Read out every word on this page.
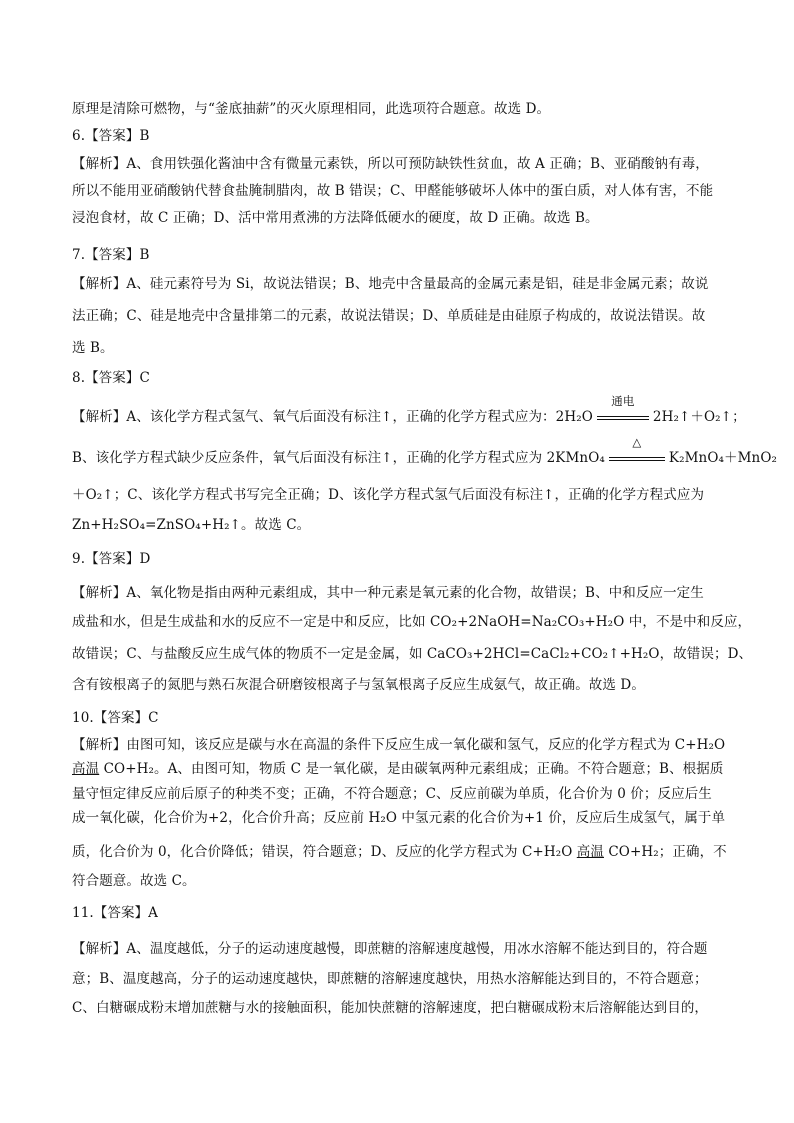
原理是清除可燃物，与“釜底抽薪”的灭火原理相同，此选项符合题意。故选 D。
6.【答案】B
【解析】A、食用铁强化酱油中含有微量元素铁，所以可预防缺铁性贫血，故 A 正确；B、亚硝酸钠有毒，
所以不能用亚硝酸钠代替食盐腌制腊肉，故 B 错误；C、甲醛能够破坏人体中的蛋白质，对人体有害，不能
浸泡食材，故 C 正确；D、活中常用煮沸的方法降低硬水的硬度，故 D 正确。故选 B。
7.【答案】B
【解析】A、硅元素符号为 Si，故说法错误；B、地壳中含量最高的金属元素是铝，硅是非金属元素；故说
法正确；C、硅是地壳中含量排第二的元素，故说法错误；D、单质硅是由硅原子构成的，故说法错误。故
选 B。
8.【答案】C
【解析】A、该化学方程式氢气、氧气后面没有标注↑，正确的化学方程式应为：2H₂O
通电
2H₂↑＋O₂↑；
B、该化学方程式缺少反应条件，氧气后面没有标注↑，正确的化学方程式应为 2KMnO₄
△
K₂MnO₄＋MnO₂
＋O₂↑；C、该化学方程式书写完全正确；D、该化学方程式氢气后面没有标注↑，正确的化学方程式应为
Zn+H₂SO₄=ZnSO₄+H₂↑。故选 C。
9.【答案】D
【解析】A、氧化物是指由两种元素组成，其中一种元素是氧元素的化合物，故错误；B、中和反应一定生
成盐和水，但是生成盐和水的反应不一定是中和反应，比如 CO₂+2NaOH=Na₂CO₃+H₂O 中，不是中和反应，
故错误；C、与盐酸反应生成气体的物质不一定是金属，如 CaCO₃+2HCl=CaCl₂+CO₂↑+H₂O，故错误；D、
含有铵根离子的氮肥与熟石灰混合研磨铵根离子与氢氧根离子反应生成氨气，故正确。故选 D。
10.【答案】C
【解析】由图可知，该反应是碳与水在高温的条件下反应生成一氧化碳和氢气，反应的化学方程式为 C+H₂O
高温 CO+H₂。A、由图可知，物质 C 是一氧化碳，是由碳氧两种元素组成；正确。不符合题意；B、根据质
量守恒定律反应前后原子的种类不变；正确，不符合题意；C、反应前碳为单质，化合价为 0 价；反应后生
成一氧化碳，化合价为+2，化合价升高；反应前 H₂O 中氢元素的化合价为+1 价，反应后生成氢气，属于单
质，化合价为 0，化合价降低；错误，符合题意；D、反应的化学方程式为 C+H₂O 高温 CO+H₂；正确，不
符合题意。故选 C。
11.【答案】A
【解析】A、温度越低，分子的运动速度越慢，即蔗糖的溶解速度越慢，用冰水溶解不能达到目的，符合题
意；B、温度越高，分子的运动速度越快，即蔗糖的溶解速度越快，用热水溶解能达到目的，不符合题意；
C、白糖碾成粉末增加蔗糖与水的接触面积，能加快蔗糖的溶解速度，把白糖碾成粉末后溶解能达到目的，
